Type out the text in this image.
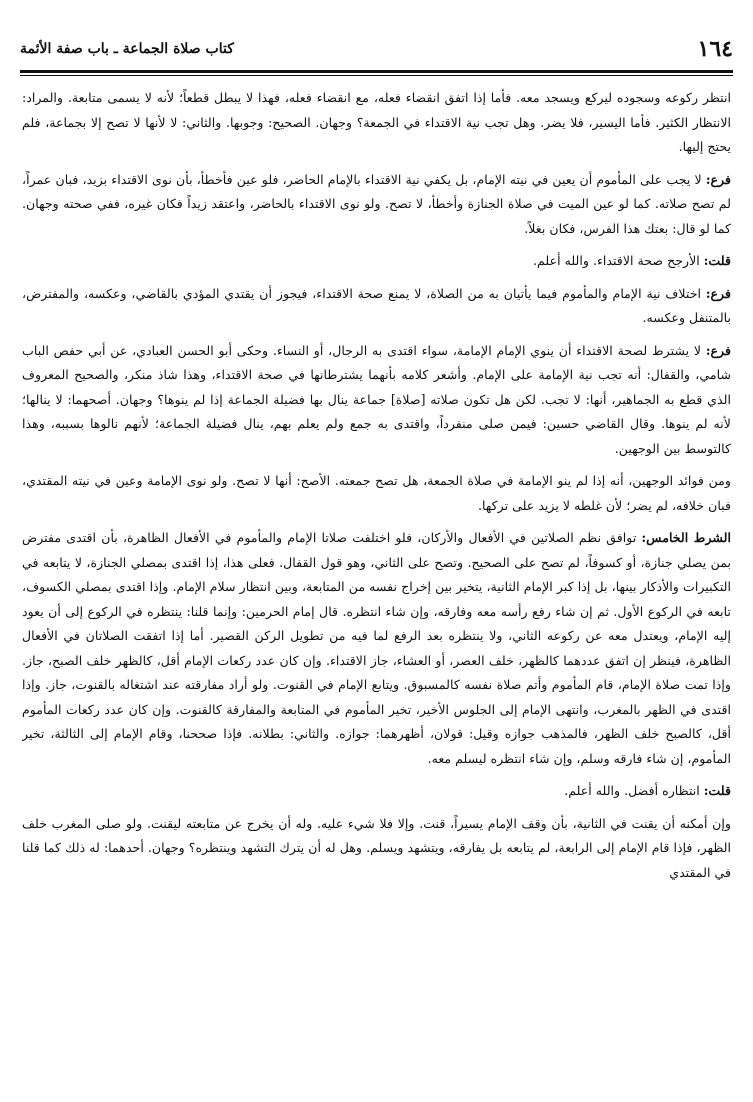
١٦٤
كتاب صلاة الجماعة ـ باب صفة الأئمة

انتظر ركوعه وسجوده ليركع ويسجد معه. فأما إذا اتفق انقضاء فعله، مع انقضاء فعله، فهذا لا يبطل قطعاً؛ لأنه لا يسمى متابعة. والمراد: الانتظار الكثير. فأما اليسير، فلا يضر. وهل تجب نية الاقتداء في الجمعة؟ وجهان. الصحيح: وجوبها. والثاني: لا لأنها لا تصح إلا بجماعة، فلم يحتج إليها.

فرع: لا يجب على المأموم أن يعين في نيته الإمام، بل يكفي نية الاقتداء بالإمام الحاضر، فلو عين فأخطأ، بأن نوى الاقتداء بزيد، فبان عمراً، لم تصح صلاته. كما لو عين الميت في صلاة الجنازة وأخطأ، لا تصح. ولو نوى الاقتداء بالحاضر، واعتقد زيداً فكان غيره، ففي صحته وجهان. كما لو قال: بعتك هذا الفرس، فكان بغلاً.

قلت: الأرجح صحة الاقتداء. والله أعلم.

فرع: اختلاف نية الإمام والمأموم فيما يأتيان به من الصلاة، لا يمنع صحة الاقتداء، فيجوز أن يقتدي المؤدي بالقاضي، وعكسه، والمفترض، بالمتنفل وعكسه.

فرع: لا يشترط لصحة الاقتداء أن ينوي الإمام الإمامة، سواء اقتدى به الرجال، أو النساء. وحكى أبو الحسن العبادي، عن أبي حفص الباب شامي، والقفال: أنه تجب نية الإمامة على الإمام. وأشعر كلامه بأنهما يشترطانها في صحة الاقتداء، وهذا شاذ منكر، والصحيح المعروف الذي قطع به الجماهير، أنها: لا تجب. لكن هل تكون صلاته [صلاة] جماعة ينال بها فضيلة الجماعة إذا لم ينوها؟ وجهان. أصحهما: لا ينالها؛ لأنه لم ينوها. وقال القاضي حسين: فيمن صلى منفرداً، واقتدى به جمع ولم يعلم بهم، ينال فضيلة الجماعة؛ لأنهم نالوها بسببه، وهذا كالتوسط بين الوجهين.

ومن فوائد الوجهين، أنه إذا لم ينو الإمامة في صلاة الجمعة، هل تصح جمعته. الأصح: أنها لا تصح. ولو نوى الإمامة وعين في نيته المقتدي، فبان خلافه، لم يضر؛ لأن غلطه لا يزيد على تركها.

الشرط الخامس: توافق نظم الصلاتين في الأفعال والأركان، فلو اختلفت صلاتا الإمام والمأموم في الأفعال الظاهرة، بأن اقتدى مفترض بمن يصلي جنازة، أو كسوفاً، لم تصح على الصحيح. وتصح على الثاني، وهو قول القفال. فعلى هذا، إذا اقتدى بمصلي الجنازة، لا يتابعه في التكبيرات والأذكار بينها، بل إذا كبر الإمام الثانية، يتخير بين إخراج نفسه من المتابعة، وبين انتظار سلام الإمام. وإذا اقتدى بمصلي الكسوف، تابعه في الركوع الأول. ثم إن شاء رفع رأسه معه وفارقه، وإن شاء انتظره. قال إمام الحرمين: وإنما قلنا: ينتظره في الركوع إلى أن يعود إليه الإمام، ويعتدل معه عن ركوعه الثاني، ولا ينتظره بعد الرفع لما فيه من تطويل الركن القصير. أما إذا اتفقت الصلاتان في الأفعال الظاهرة، فينظر إن اتفق عددهما كالظهر، خلف العصر، أو العشاء، جاز الاقتداء. وإن كان عدد ركعات الإمام أقل، كالظهر خلف الصبح، جاز. وإذا تمت صلاة الإمام، قام المأموم وأتم صلاة نفسه كالمسبوق. ويتابع الإمام في القنوت. ولو أراد مفارقته عند اشتغاله بالقنوت، جاز. وإذا اقتدى في الظهر بالمغرب، وانتهى الإمام إلى الجلوس الأخير، تخير المأموم في المتابعة والمفارقة كالقنوت. وإن كان عدد ركعات المأموم أقل، كالصبح خلف الظهر، فالمذهب جوازه وقيل: قولان، أظهرهما: جوازه. والثاني: بطلانه. فإذا صححنا، وقام الإمام إلى الثالثة، تخير المأموم، إن شاء فارقه وسلم، وإن شاء انتظره ليسلم معه.

قلت: انتظاره أفضل. والله أعلم.

وإن أمكنه أن يقنت في الثانية، بأن وقف الإمام يسيراً، قنت. وإلا فلا شيء عليه. وله أن يخرج عن متابعته ليقنت. ولو صلى المغرب خلف الظهر، فإذا قام الإمام إلى الرابعة، لم يتابعه بل يفارقه، ويتشهد ويسلم. وهل له أن يترك التشهد وينتظره؟ وجهان. أحدهما: له ذلك كما قلنا في المقتدي
